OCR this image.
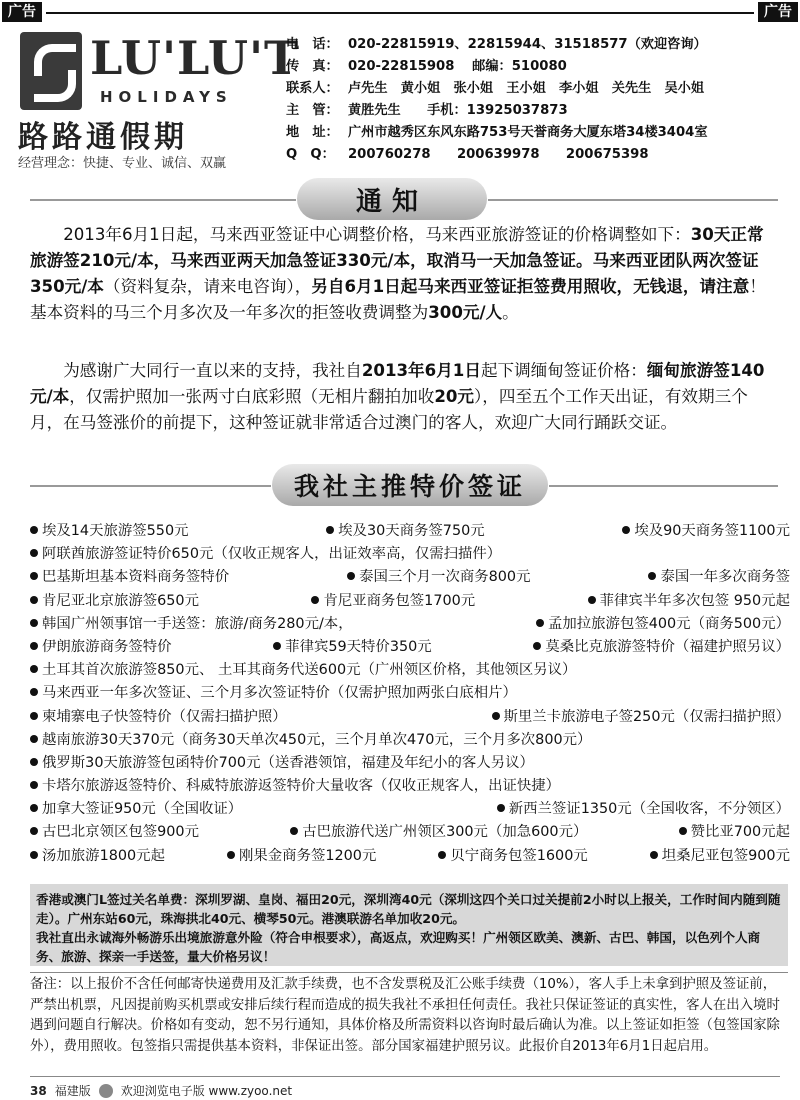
广告	广告
LU'LU'T
HOLIDAYS
路路通假期
经营理念：快捷、专业、诚信、双赢
电　话： 020-22815919、22815944、31518577（欢迎咨询）
传　真： 020-22815908　 邮编：510080
联系人： 卢先生　黄小姐　张小姐　王小姐　李小姐　关先生　吴小姐
主　管： 黄胜先生　　手机：13925037873
地　址： 广州市越秀区东风东路753号天誉商务大厦东塔34楼3404室
Q　Q：	200760278　　200639978　　200675398
通知
2013年6月1日起，马来西亚签证中心调整价格，马来西亚旅游签证的价格调整如下：30天正常旅游签210元/本，马来西亚两天加急签证330元/本，取消马一天加急签证。马来西亚团队两次签证350元/本（资料复杂，请来电咨询），另自6月1日起马来西亚签证拒签费用照收，无钱退，请注意！基本资料的马三个月多次及一年多次的拒签收费调整为300元/人。
为感谢广大同行一直以来的支持，我社自2013年6月1日起下调缅甸签证价格：缅甸旅游签140元/本，仅需护照加一张两寸白底彩照（无相片翻拍加收20元），四至五个工作天出证，有效期三个月，在马签涨价的前提下，这种签证就非常适合过澳门的客人，欢迎广大同行踊跃交证。
我社主推特价签证
埃及14天旅游签550元	埃及30天商务签750元	埃及90天商务签1100元
阿联酋旅游签证特价650元（仅收正规客人，出证效率高，仅需扫描件）
巴基斯坦基本资料商务签特价	泰国三个月一次商务800元	泰国一年多次商务签
肯尼亚北京旅游签650元	肯尼亚商务包签1700元	菲律宾半年多次包签 950元起
韩国广州领事馆一手送签：旅游/商务280元/本，	孟加拉旅游包签400元（商务500元）
伊朗旅游商务签特价	菲律宾59天特价350元	莫桑比克旅游签特价（福建护照另议）
土耳其首次旅游签850元、 土耳其商务代送600元（广州领区价格，其他领区另议）
马来西亚一年多次签证、三个月多次签证特价（仅需护照加两张白底相片）
柬埔寨电子快签特价（仅需扫描护照）	斯里兰卡旅游电子签250元（仅需扫描护照）
越南旅游30天370元（商务30天单次450元，三个月单次470元，三个月多次800元）
俄罗斯30天旅游签包函特价700元（送香港领馆，福建及年纪小的客人另议）
卡塔尔旅游返签特价、科威特旅游返签特价大量收客（仅收正规客人，出证快捷）
加拿大签证950元（全国收证）	新西兰签证1350元（全国收客，不分领区）
古巴北京领区包签900元	古巴旅游代送广州领区300元（加急600元）	赞比亚700元起
汤加旅游1800元起	刚果金商务签1200元	贝宁商务包签1600元	坦桑尼亚包签900元

香港或澳门L签过关名单费：深圳罗湖、皇岗、福田20元，深圳湾40元（深圳这四个关口过关提前2小时以上报关，工作时间内随到随走）。广州东站60元，珠海拱北40元、横琴50元。港澳联游名单加收20元。

我社直出永诚海外畅游乐出境旅游意外险（符合申根要求），高返点，欢迎购买！广州领区欧美、澳新、古巴、韩国，以色列个人商务、旅游、探亲一手送签，量大价格另议！

备注：以上报价不含任何邮寄快递费用及汇款手续费，也不含发票税及汇公账手续费（10%），客人手上未拿到护照及签证前，严禁出机票，凡因提前购买机票或安排后续行程而造成的损失我社不承担任何责任。我社只保证签证的真实性，客人在出入境时遇到问题自行解决。价格如有变动，恕不另行通知，具体价格及所需资料以咨询时最后确认为准。以上签证如拒签（包签国家除外），费用照收。包签指只需提供基本资料，非保证出签。部分国家福建护照另议。此报价自2013年6月1日起启用。
38 福建版	欢迎浏览电子版 www.zyoo.net
